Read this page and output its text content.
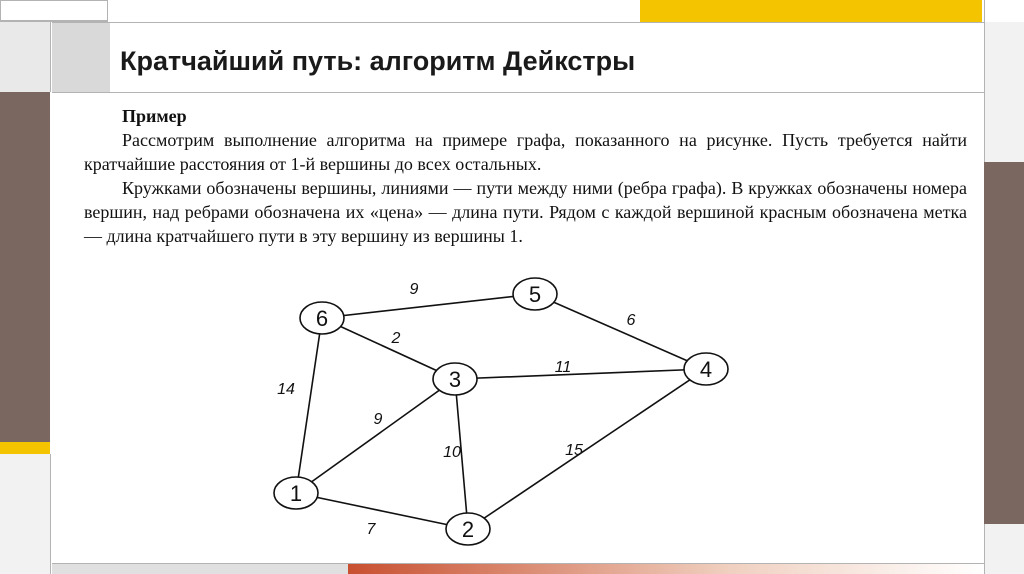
Кратчайший путь: алгоритм Дейкстры

Пример

Рассмотрим выполнение алгоритма на примере графа, показанного на рисунке. Пусть требуется найти кратчайшие расстояния от 1-й вершины до всех остальных.

Кружками обозначены вершины, линиями — пути между ними (ребра графа). В кружках обозначены номера вершин, над ребрами обозначена их «цена» — длина пути. Рядом с каждой вершиной красным обозначена метка — длина кратчайшего пути в эту вершину из вершины 1.

9
6
2
11
14
9
10	15
7
1
2
3	4
5
6
